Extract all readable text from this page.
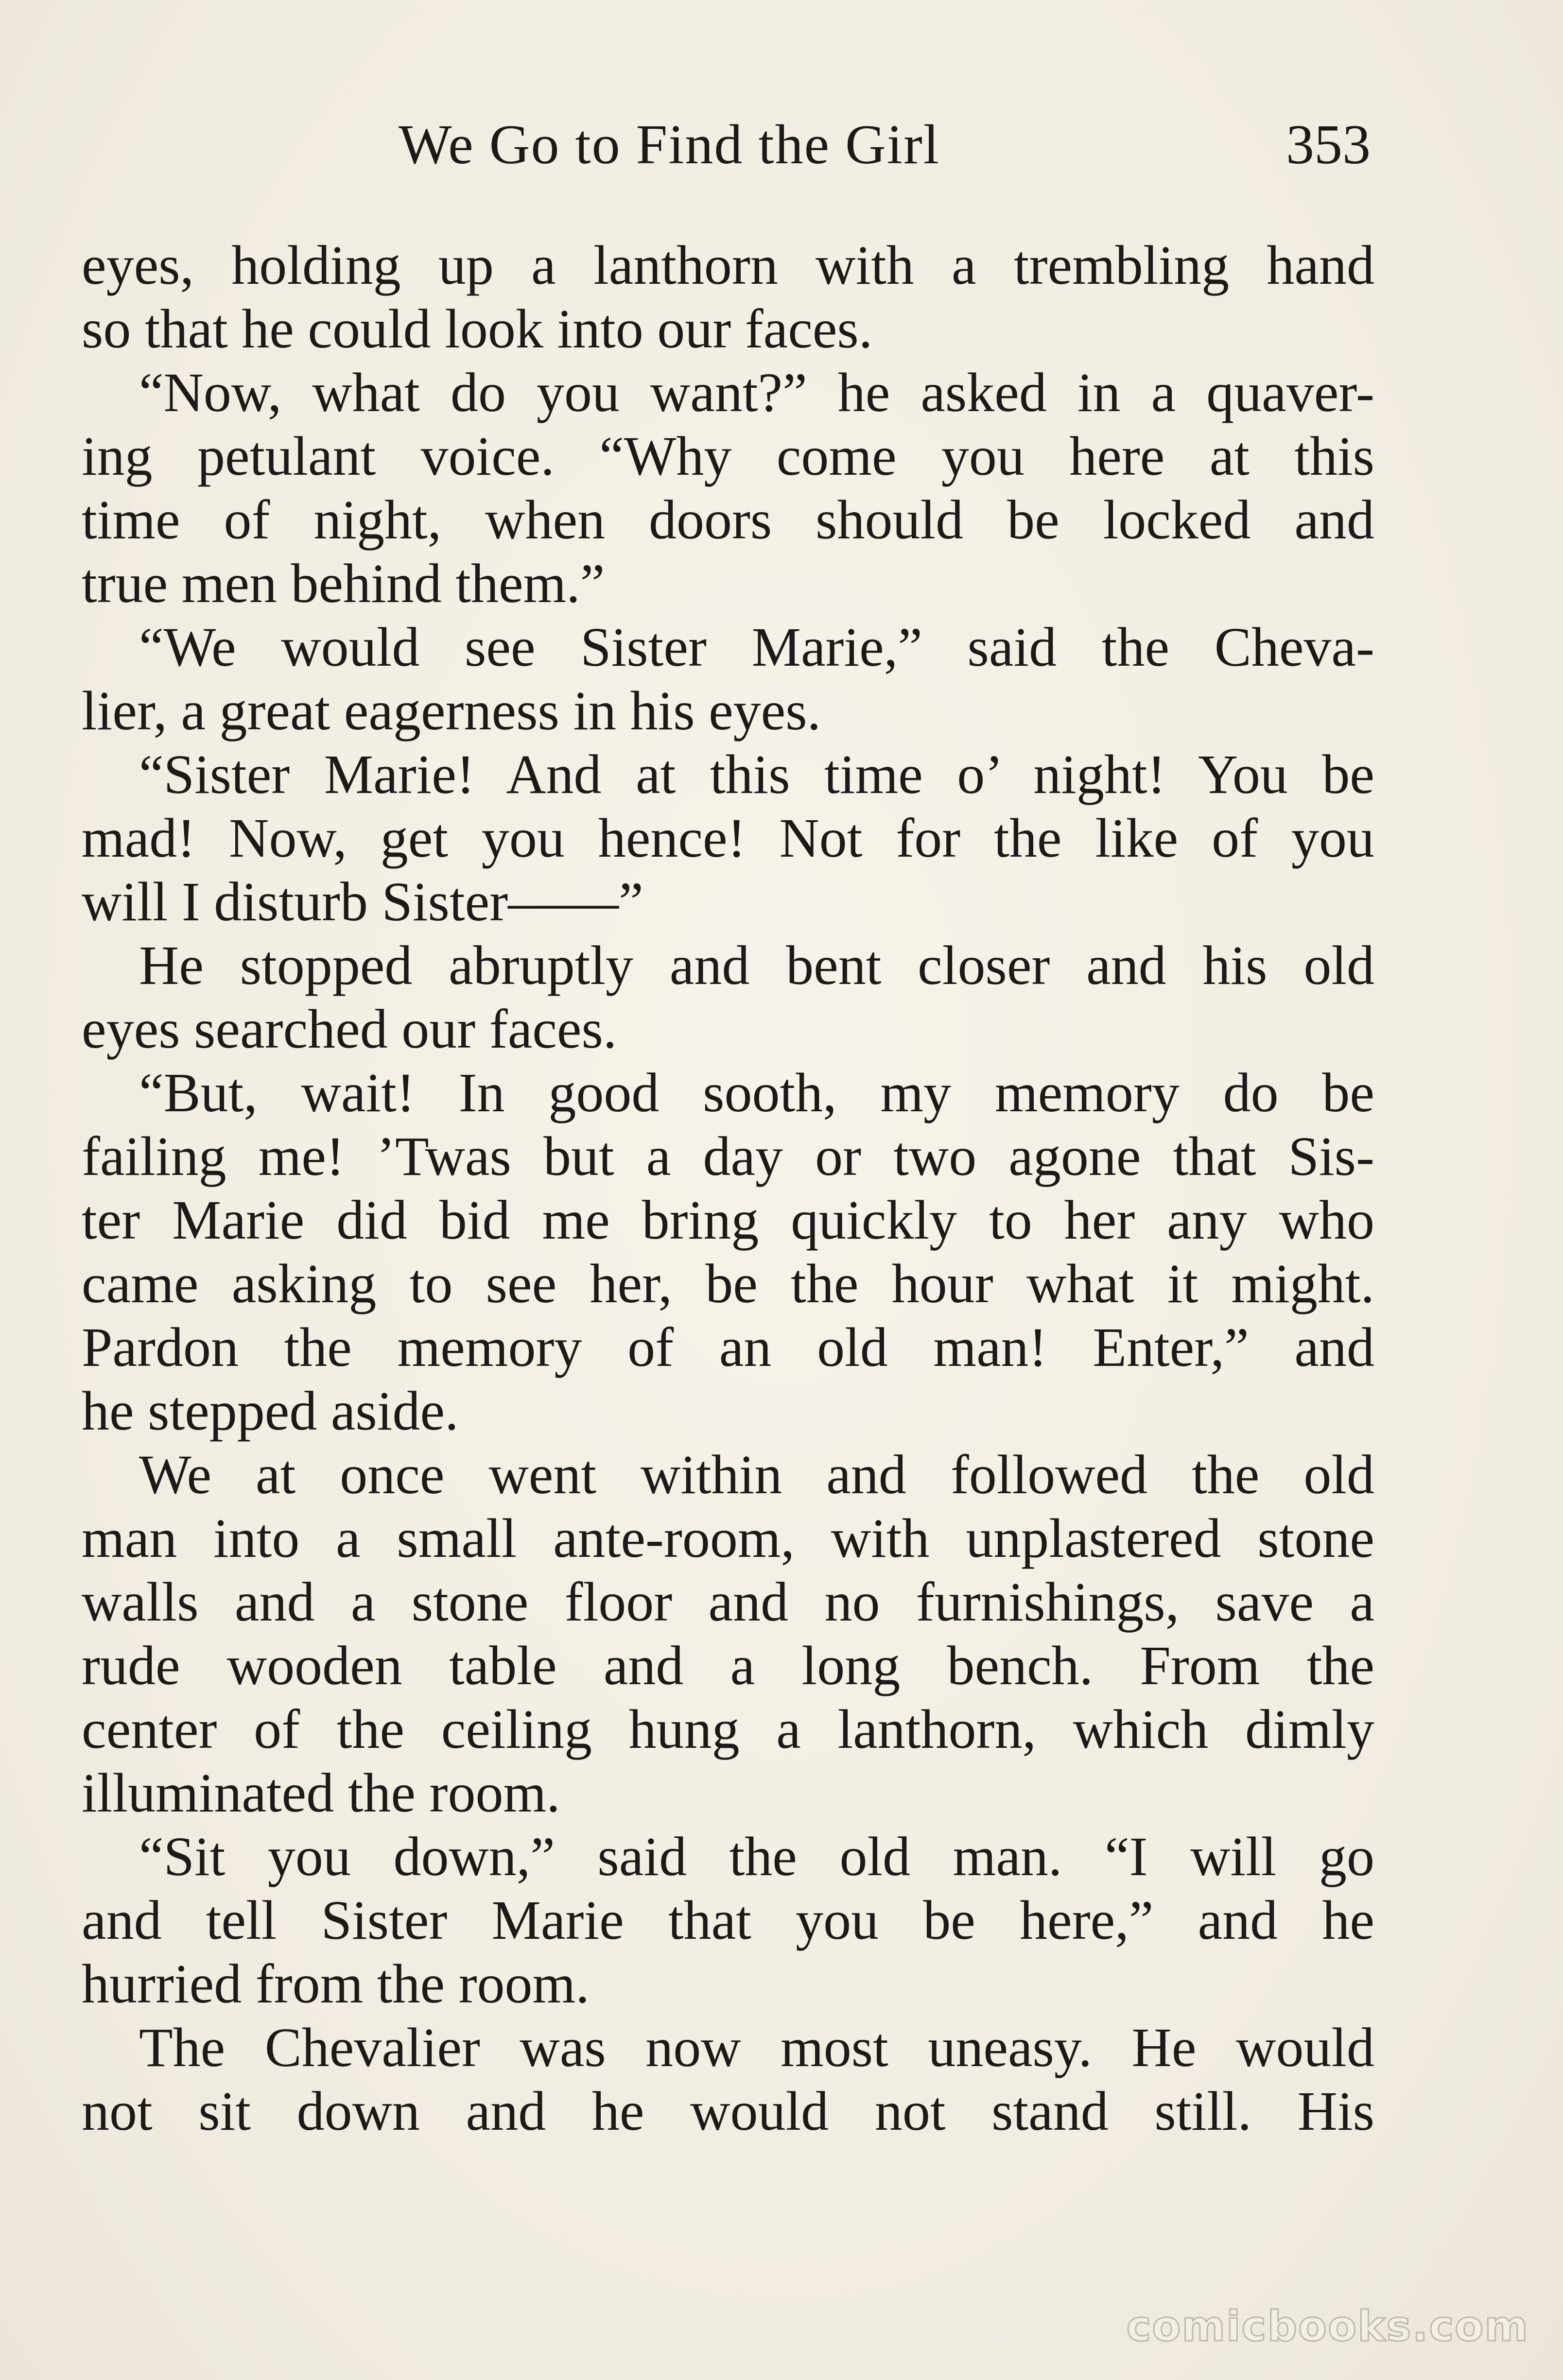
We Go to Find the Girl	353
eyes, holding up a lanthorn with a trembling hand
so that he could look into our faces.
“Now, what do you want?” he asked in a quaver-
ing petulant voice. “Why come you here at this
time of night, when doors should be locked and
true men behind them.”
“We would see Sister Marie,” said the Cheva-
lier, a great eagerness in his eyes.
“Sister Marie! And at this time o’ night! You be
mad! Now, get you hence! Not for the like of you
will I disturb Sister——”
He stopped abruptly and bent closer and his old
eyes searched our faces.
“But, wait! In good sooth, my memory do be
failing me! ’Twas but a day or two agone that Sis-
ter Marie did bid me bring quickly to her any who
came asking to see her, be the hour what it might.
Pardon the memory of an old man! Enter,” and
he stepped aside.
We at once went within and followed the old
man into a small ante-room, with unplastered stone
walls and a stone floor and no furnishings, save a
rude wooden table and a long bench. From the
center of the ceiling hung a lanthorn, which dimly
illuminated the room.
“Sit you down,” said the old man. “I will go
and tell Sister Marie that you be here,” and he
hurried from the room.
The Chevalier was now most uneasy. He would
not sit down and he would not stand still. His
comicbooks.com
